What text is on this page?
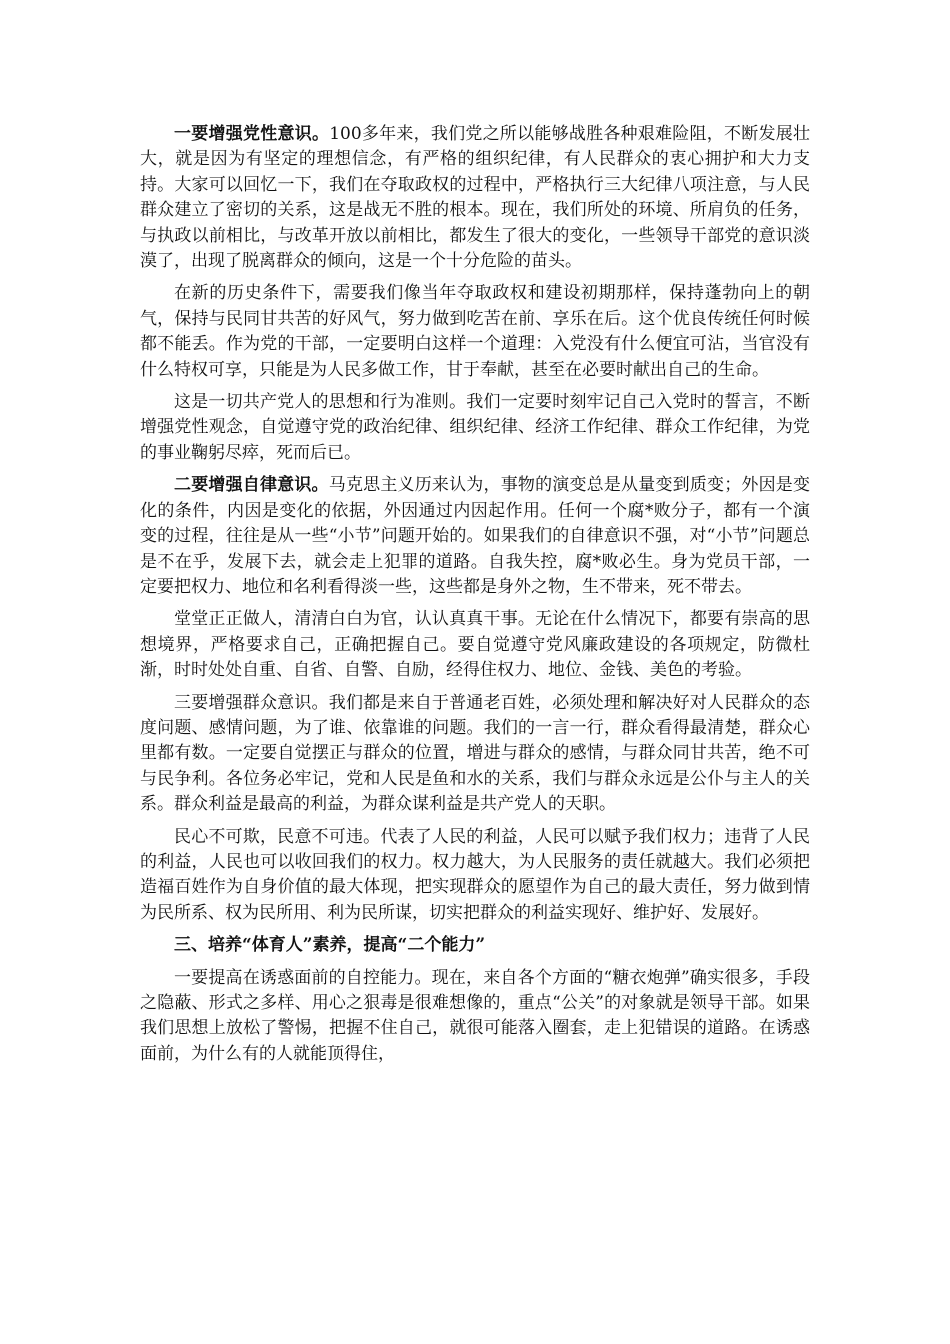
一要增强党性意识。100多年来，我们党之所以能够战胜各种艰难险阻，不断发展壮大，就是因为有坚定的理想信念，有严格的组织纪律，有人民群众的衷心拥护和大力支持。大家可以回忆一下，我们在夺取政权的过程中，严格执行三大纪律八项注意，与人民群众建立了密切的关系，这是战无不胜的根本。现在，我们所处的环境、所肩负的任务，与执政以前相比，与改革开放以前相比，都发生了很大的变化，一些领导干部党的意识淡漠了，出现了脱离群众的倾向，这是一个十分危险的苗头。

在新的历史条件下，需要我们像当年夺取政权和建设初期那样，保持蓬勃向上的朝气，保持与民同甘共苦的好风气，努力做到吃苦在前、享乐在后。这个优良传统任何时候都不能丢。作为党的干部，一定要明白这样一个道理：入党没有什么便宜可沾，当官没有什么特权可享，只能是为人民多做工作，甘于奉献，甚至在必要时献出自己的生命。

这是一切共产党人的思想和行为准则。我们一定要时刻牢记自己入党时的誓言，不断增强党性观念，自觉遵守党的政治纪律、组织纪律、经济工作纪律、群众工作纪律，为党的事业鞠躬尽瘁，死而后已。

二要增强自律意识。马克思主义历来认为，事物的演变总是从量变到质变；外因是变化的条件，内因是变化的依据，外因通过内因起作用。任何一个腐*败分子，都有一个演变的过程，往往是从一些“小节”问题开始的。如果我们的自律意识不强，对“小节”问题总是不在乎，发展下去，就会走上犯罪的道路。自我失控，腐*败必生。身为党员干部，一定要把权力、地位和名利看得淡一些，这些都是身外之物，生不带来，死不带去。

堂堂正正做人，清清白白为官，认认真真干事。无论在什么情况下，都要有崇高的思想境界，严格要求自己，正确把握自己。要自觉遵守党风廉政建设的各项规定，防微杜渐，时时处处自重、自省、自警、自励，经得住权力、地位、金钱、美色的考验。

三要增强群众意识。我们都是来自于普通老百姓，必须处理和解决好对人民群众的态度问题、感情问题，为了谁、依靠谁的问题。我们的一言一行，群众看得最清楚，群众心里都有数。一定要自觉摆正与群众的位置，增进与群众的感情，与群众同甘共苦，绝不可与民争利。各位务必牢记，党和人民是鱼和水的关系，我们与群众永远是公仆与主人的关系。群众利益是最高的利益，为群众谋利益是共产党人的天职。

民心不可欺，民意不可违。代表了人民的利益，人民可以赋予我们权力；违背了人民的利益，人民也可以收回我们的权力。权力越大，为人民服务的责任就越大。我们必须把造福百姓作为自身价值的最大体现，把实现群众的愿望作为自己的最大责任，努力做到情为民所系、权为民所用、利为民所谋，切实把群众的利益实现好、维护好、发展好。

三、培养“体育人”素养，提高“二个能力”

一要提高在诱惑面前的自控能力。现在，来自各个方面的“糖衣炮弹”确实很多，手段之隐蔽、形式之多样、用心之狠毒是很难想像的，重点“公关”的对象就是领导干部。如果我们思想上放松了警惕，把握不住自己，就很可能落入圈套，走上犯错误的道路。在诱惑面前，为什么有的人就能顶得住，
